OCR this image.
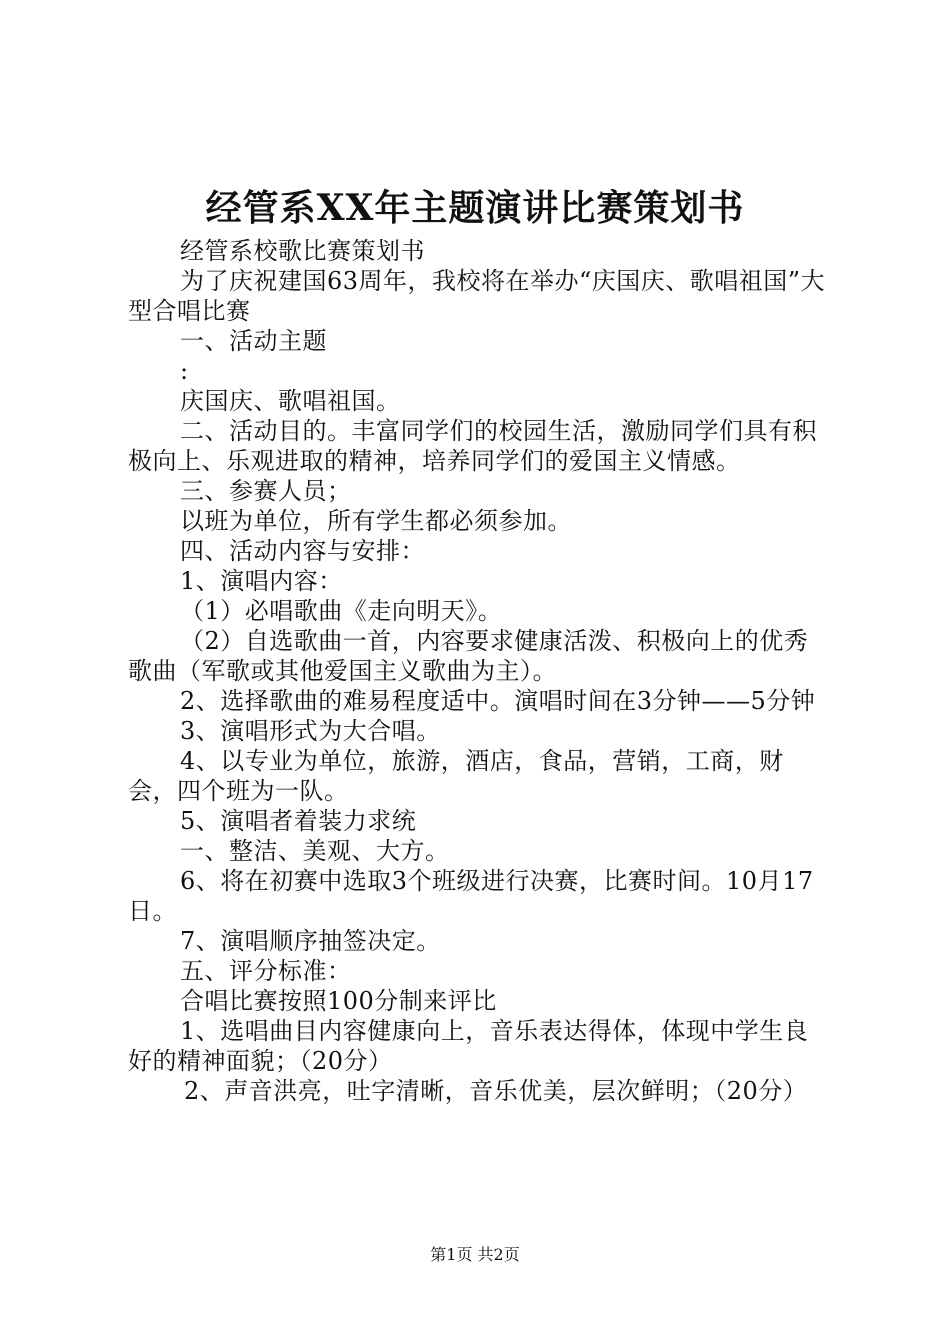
经管系XX年主题演讲比赛策划书

经管系校歌比赛策划书

为了庆祝建国63周年，我校将在举办“庆国庆、歌唱祖国”大型合唱比赛

一、活动主题

:

庆国庆、歌唱祖国。

二、活动目的。丰富同学们的校园生活，激励同学们具有积极向上、乐观进取的精神，培养同学们的爱国主义情感。

三、参赛人员；

以班为单位，所有学生都必须参加。

四、活动内容与安排：

1、演唱内容：

（1）必唱歌曲《走向明天》。

（2）自选歌曲一首，内容要求健康活泼、积极向上的优秀歌曲（军歌或其他爱国主义歌曲为主）。

2、选择歌曲的难易程度适中。演唱时间在3分钟——5分钟

3、演唱形式为大合唱。

4、以专业为单位，旅游，酒店，食品，营销，工商，财会，四个班为一队。

5、演唱者着装力求统

一、整洁、美观、大方。

6、将在初赛中选取3个班级进行决赛，比赛时间。10月17日。

7、演唱顺序抽签决定。

五、评分标准：

合唱比赛按照100分制来评比

1、选唱曲目内容健康向上，音乐表达得体，体现中学生良好的精神面貌；（20分）

2、声音洪亮，吐字清晰，音乐优美，层次鲜明；（20分）

第1页 共2页
